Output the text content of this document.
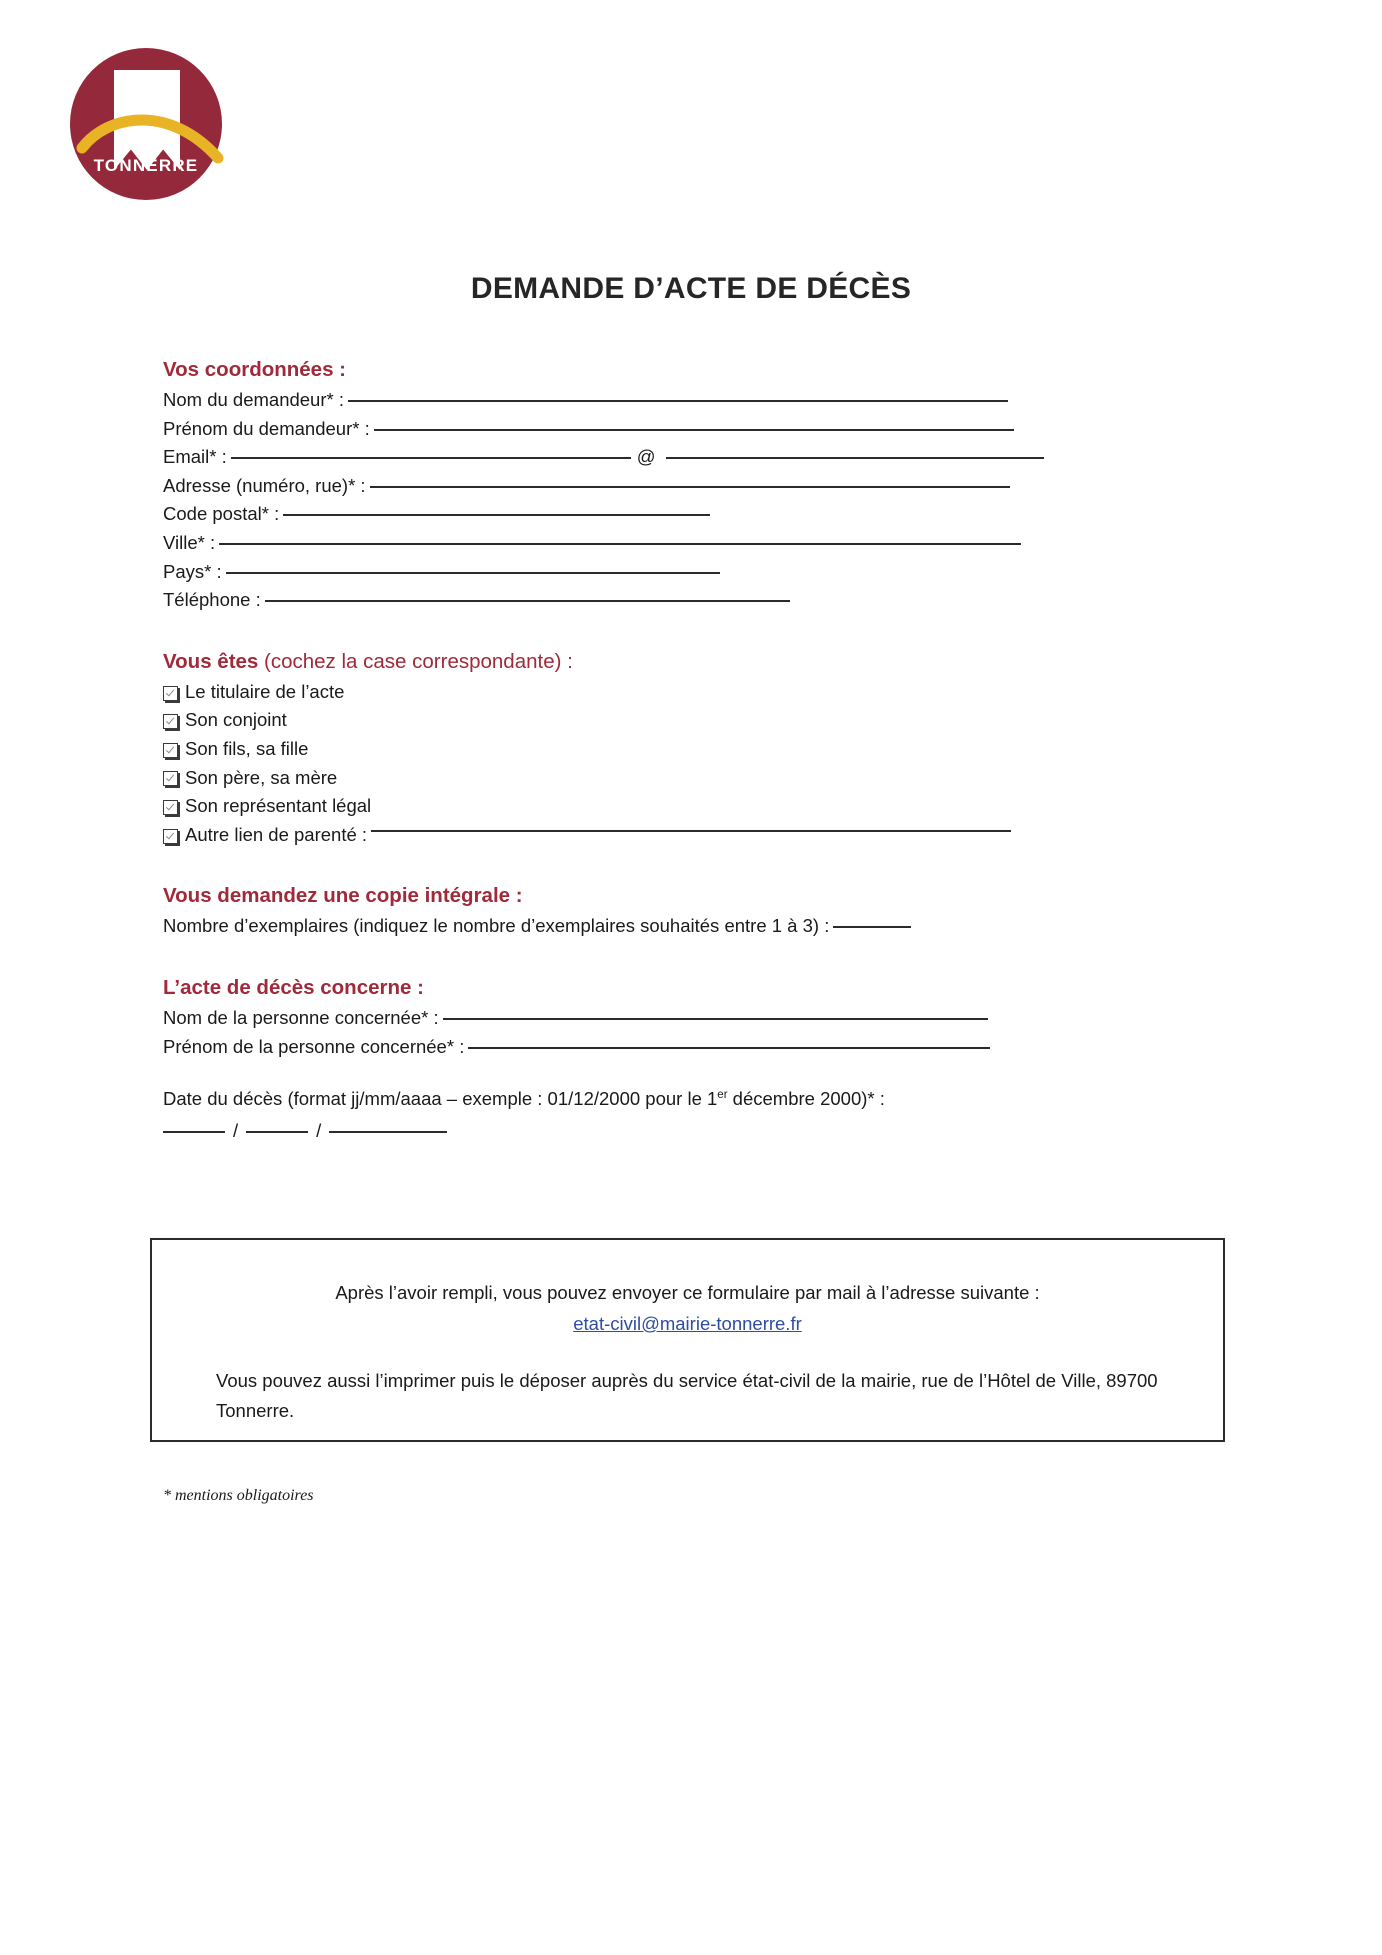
TONNERRE
DEMANDE D’ACTE DE DÉCÈS
Vos coordonnées :
Nom du demandeur* :
Prénom du demandeur* :
Email* :	@
Adresse (numéro, rue)* :
Code postal* :
Ville* :
Pays* :
Téléphone :
Vous êtes (cochez la case correspondante) :
Le titulaire de l’acte
Son conjoint
Son fils, sa fille
Son père, sa mère
Son représentant légal
Autre lien de parenté :
Vous demandez une copie intégrale :
Nombre d’exemplaires (indiquez le nombre d’exemplaires souhaités entre 1 à 3) :
L’acte de décès concerne :
Nom de la personne concernée* :
Prénom de la personne concernée* :
Date du décès (format jj/mm/aaaa – exemple : 01/12/2000 pour le 1er décembre 2000)* :
/	/
Après l’avoir rempli, vous pouvez envoyer ce formulaire par mail à l’adresse suivante :
etat-civil@mairie-tonnerre.fr
Vous pouvez aussi l’imprimer puis le déposer auprès du service état-civil de la mairie, rue de l’Hôtel de Ville, 89700 Tonnerre.
* mentions obligatoires
